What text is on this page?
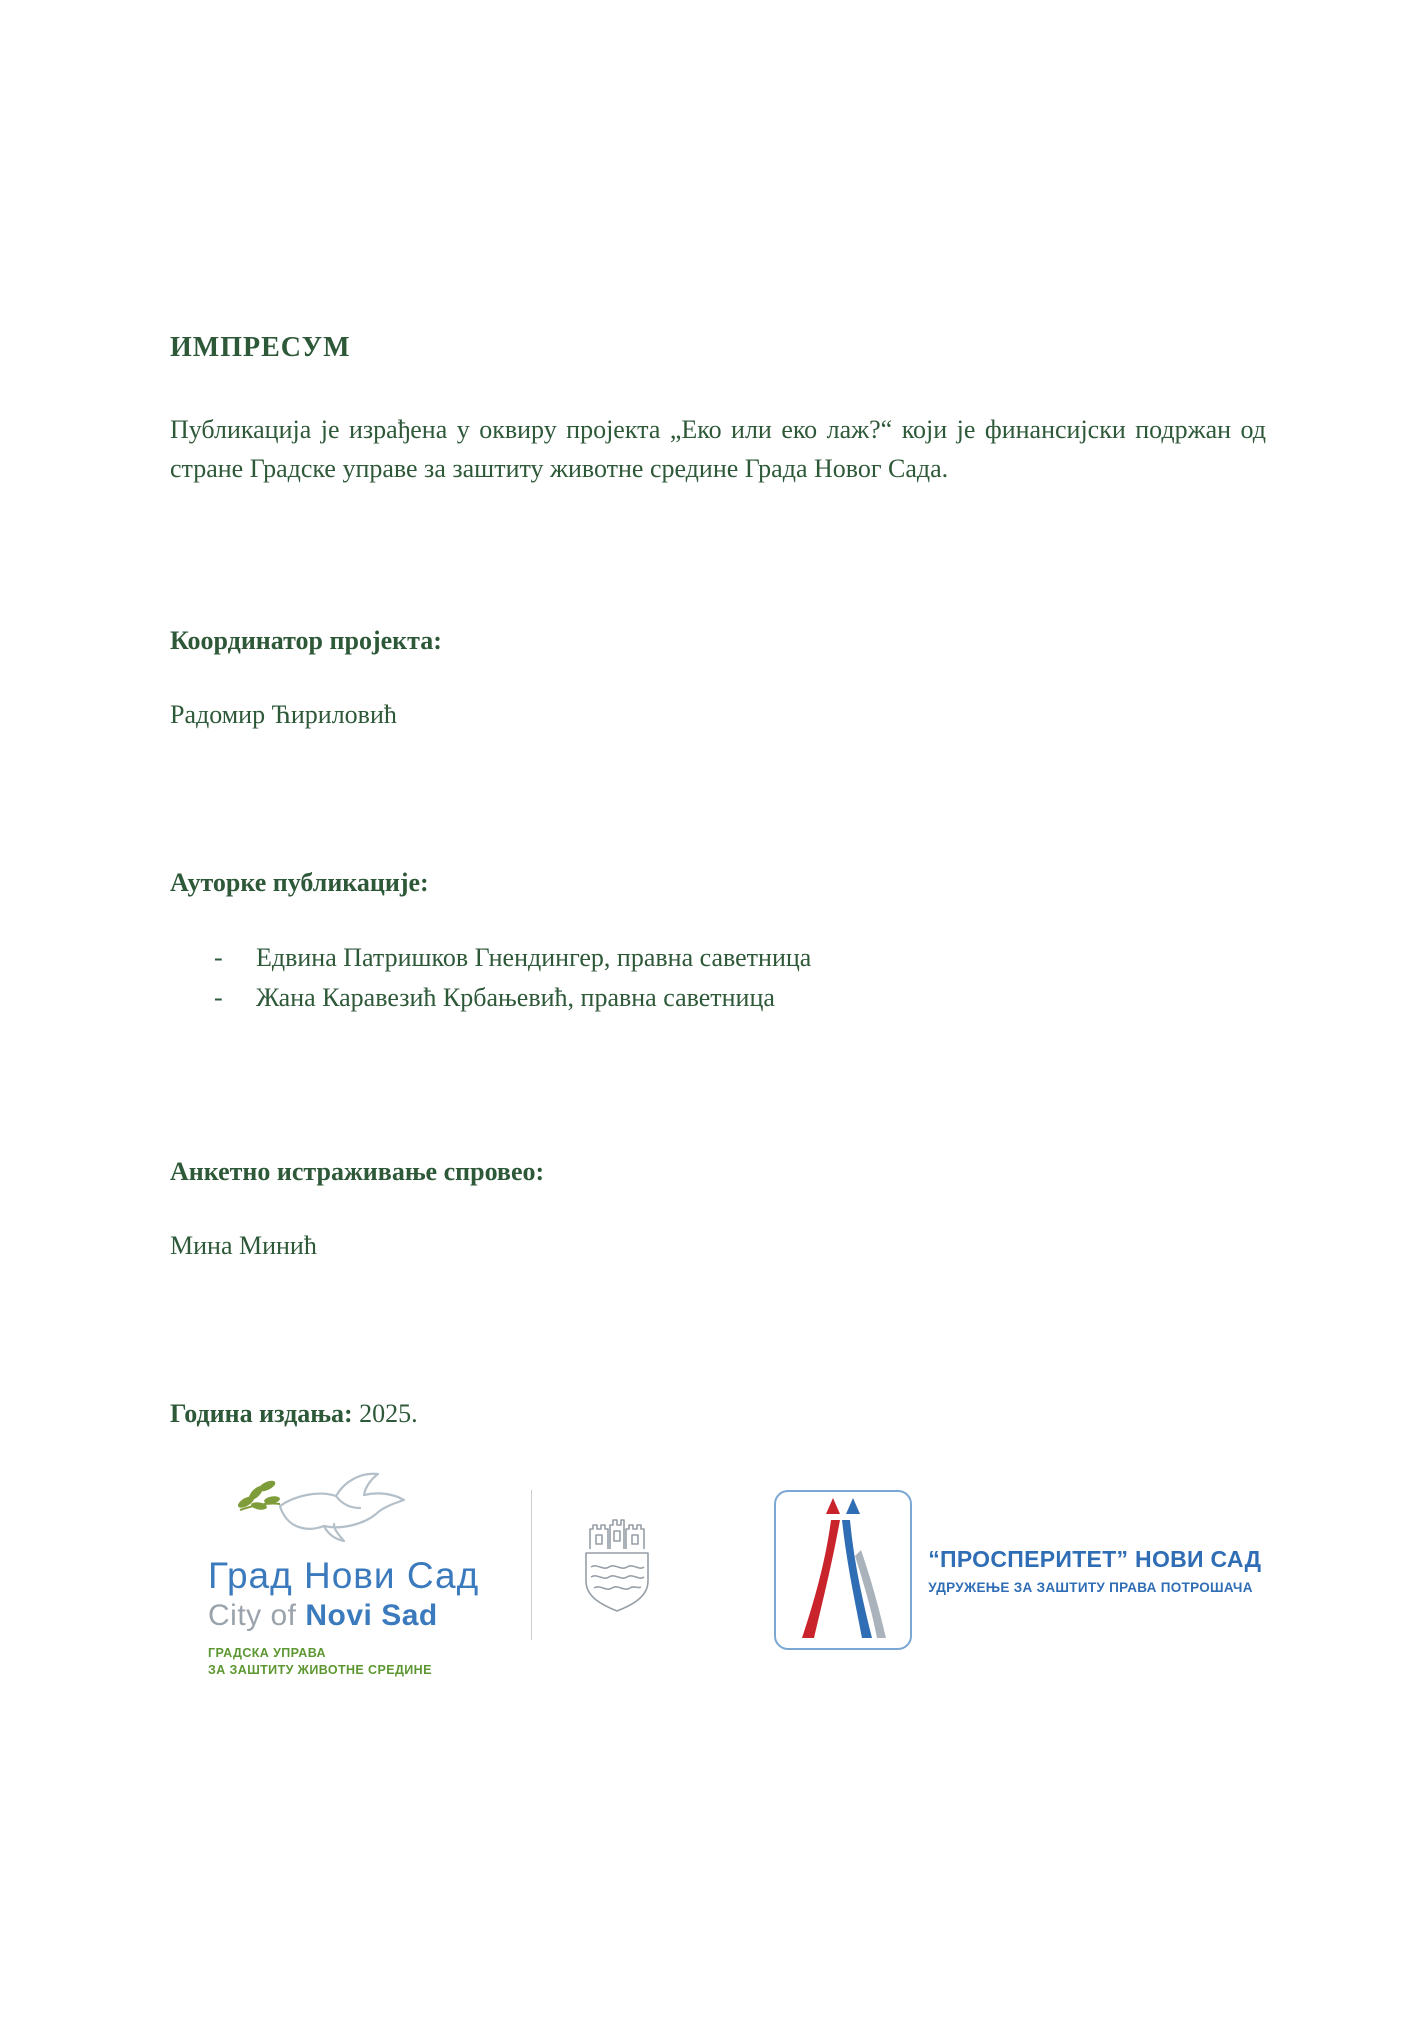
ИМПРЕСУМ

Публикација је израђена у оквиру пројекта „Еко или еко лаж?“ који је финансијски подржан од стране Градске управе за заштиту животне средине Града Новог Сада.

Координатор пројекта:

Радомир Ћириловић

Ауторке публикације:

-	Едвина Патришков Гнендингер, правна саветница
-	Жана Каравезић Крбањевић, правна саветница

Анкетно истраживање спровео:

Мина Минић

Година издања: 2025.

Град Нови Сад
City of Novi Sad
ГРАДСКА УПРАВА
ЗА ЗАШТИТУ ЖИВОТНЕ СРЕДИНЕ
“ПРОСПЕРИТЕТ” НОВИ САД
УДРУЖЕЊЕ ЗА ЗАШТИТУ ПРАВА ПОТРОШАЧА
